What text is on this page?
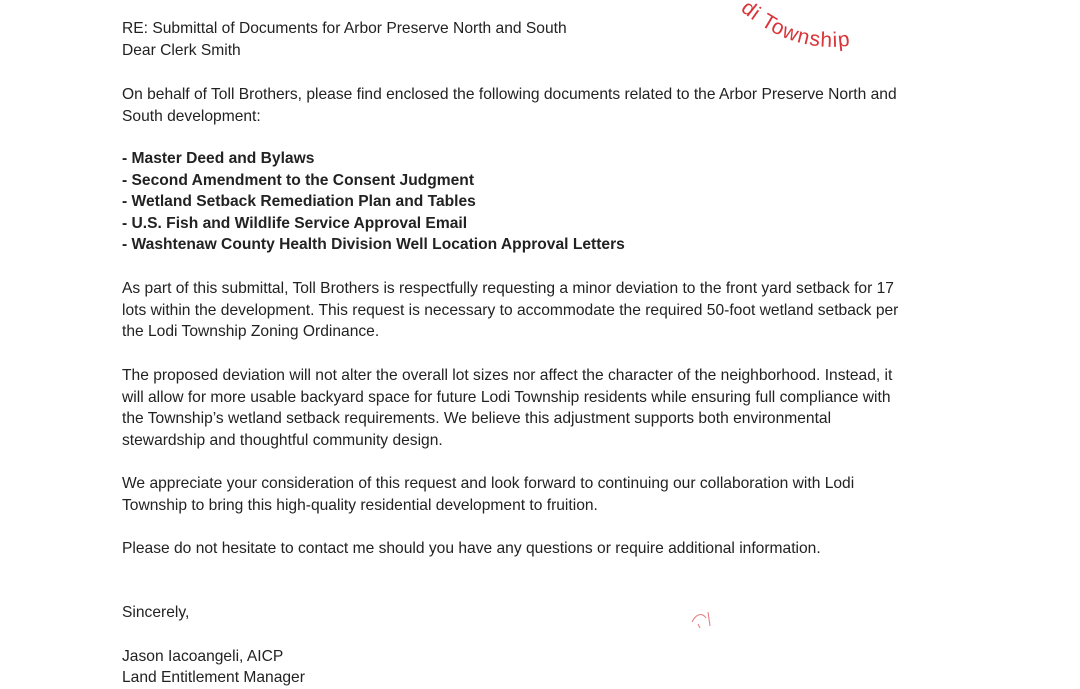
di Township
RE: Submittal of Documents for Arbor Preserve North and South
Dear Clerk Smith
On behalf of Toll Brothers, please find enclosed the following documents related to the Arbor Preserve North and
South development:
- Master Deed and Bylaws
- Second Amendment to the Consent Judgment
- Wetland Setback Remediation Plan and Tables
- U.S. Fish and Wildlife Service Approval Email
- Washtenaw County Health Division Well Location Approval Letters
As part of this submittal, Toll Brothers is respectfully requesting a minor deviation to the front yard setback for 17
lots within the development. This request is necessary to accommodate the required 50-foot wetland setback per
the Lodi Township Zoning Ordinance.
The proposed deviation will not alter the overall lot sizes nor affect the character of the neighborhood. Instead, it
will allow for more usable backyard space for future Lodi Township residents while ensuring full compliance with
the Township’s wetland setback requirements. We believe this adjustment supports both environmental
stewardship and thoughtful community design.
We appreciate your consideration of this request and look forward to continuing our collaboration with Lodi
Township to bring this high-quality residential development to fruition.
Please do not hesitate to contact me should you have any questions or require additional information.
Sincerely,
Jason Iacoangeli, AICP
Land Entitlement Manager
